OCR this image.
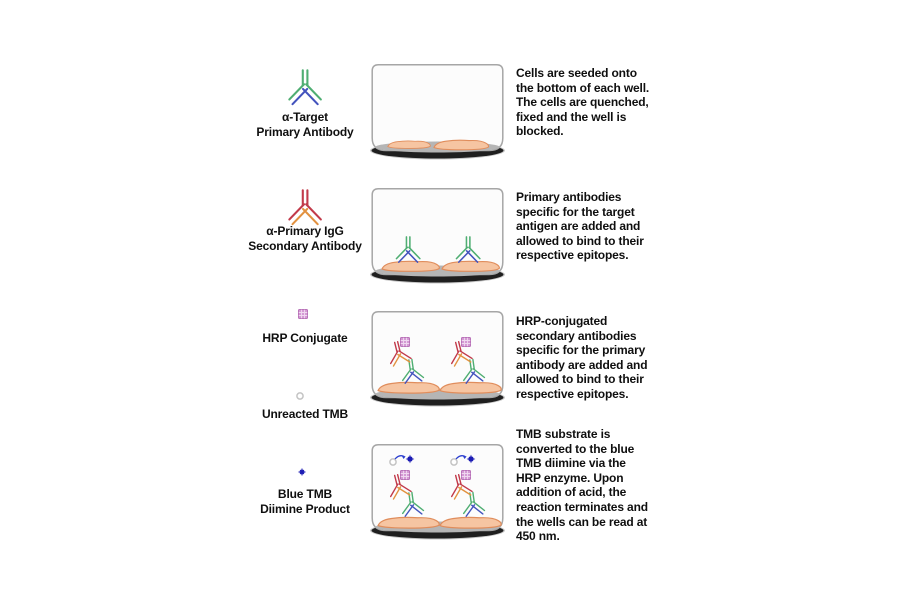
α-Target
Primary Antibody
Cells are seeded onto
the bottom of each well.
The cells are quenched,
fixed and the well is
blocked.
α-Primary IgG
Secondary Antibody
Primary antibodies
specific for the target
antigen are added and
allowed to bind to their
respective epitopes.
HRP Conjugate
Unreacted TMB
HRP-conjugated
secondary antibodies
specific for the primary
antibody are added and
allowed to bind to their
respective epitopes.
Blue TMB
Diimine Product
TMB substrate is
converted to the blue
TMB diimine via the
HRP enzyme. Upon
addition of acid, the
reaction terminates and
the wells can be read at
450 nm.
